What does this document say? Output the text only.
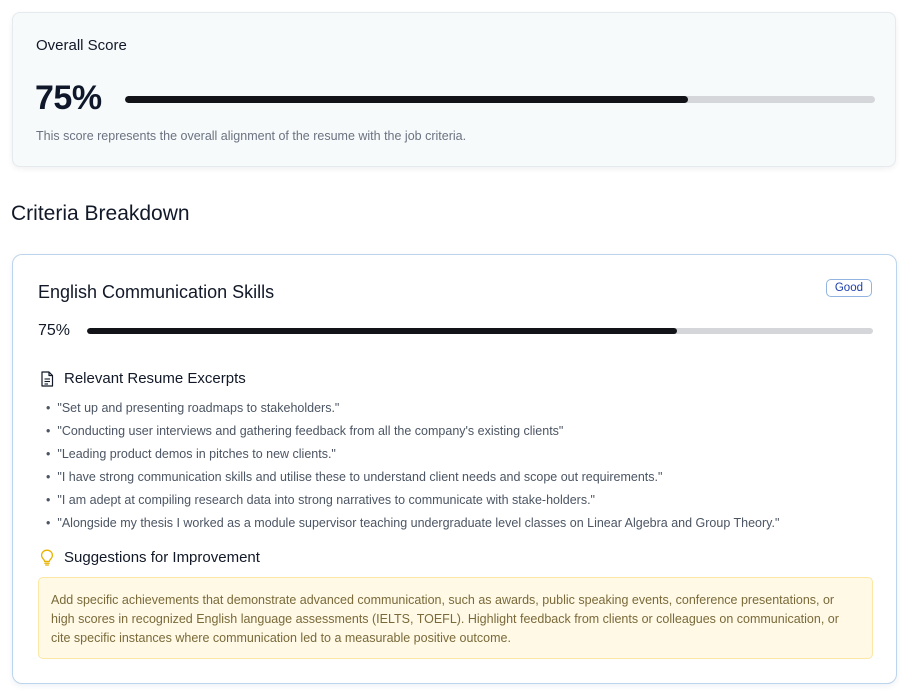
Overall Score
75%
This score represents the overall alignment of the resume with the job criteria.
Criteria Breakdown
English Communication Skills	Good
75%
Relevant Resume Excerpts
• "Set up and presenting roadmaps to stakeholders."
• "Conducting user interviews and gathering feedback from all the company's existing clients"
• "Leading product demos in pitches to new clients."
• "I have strong communication skills and utilise these to understand client needs and scope out requirements."
• "I am adept at compiling research data into strong narratives to communicate with stake-holders."
• "Alongside my thesis I worked as a module supervisor teaching undergraduate level classes on Linear Algebra and Group Theory."
Suggestions for Improvement
Add specific achievements that demonstrate advanced communication, such as awards, public speaking events, conference presentations, or high scores in recognized English language assessments (IELTS, TOEFL). Highlight feedback from clients or colleagues on communication, or cite specific instances where communication led to a measurable positive outcome.
